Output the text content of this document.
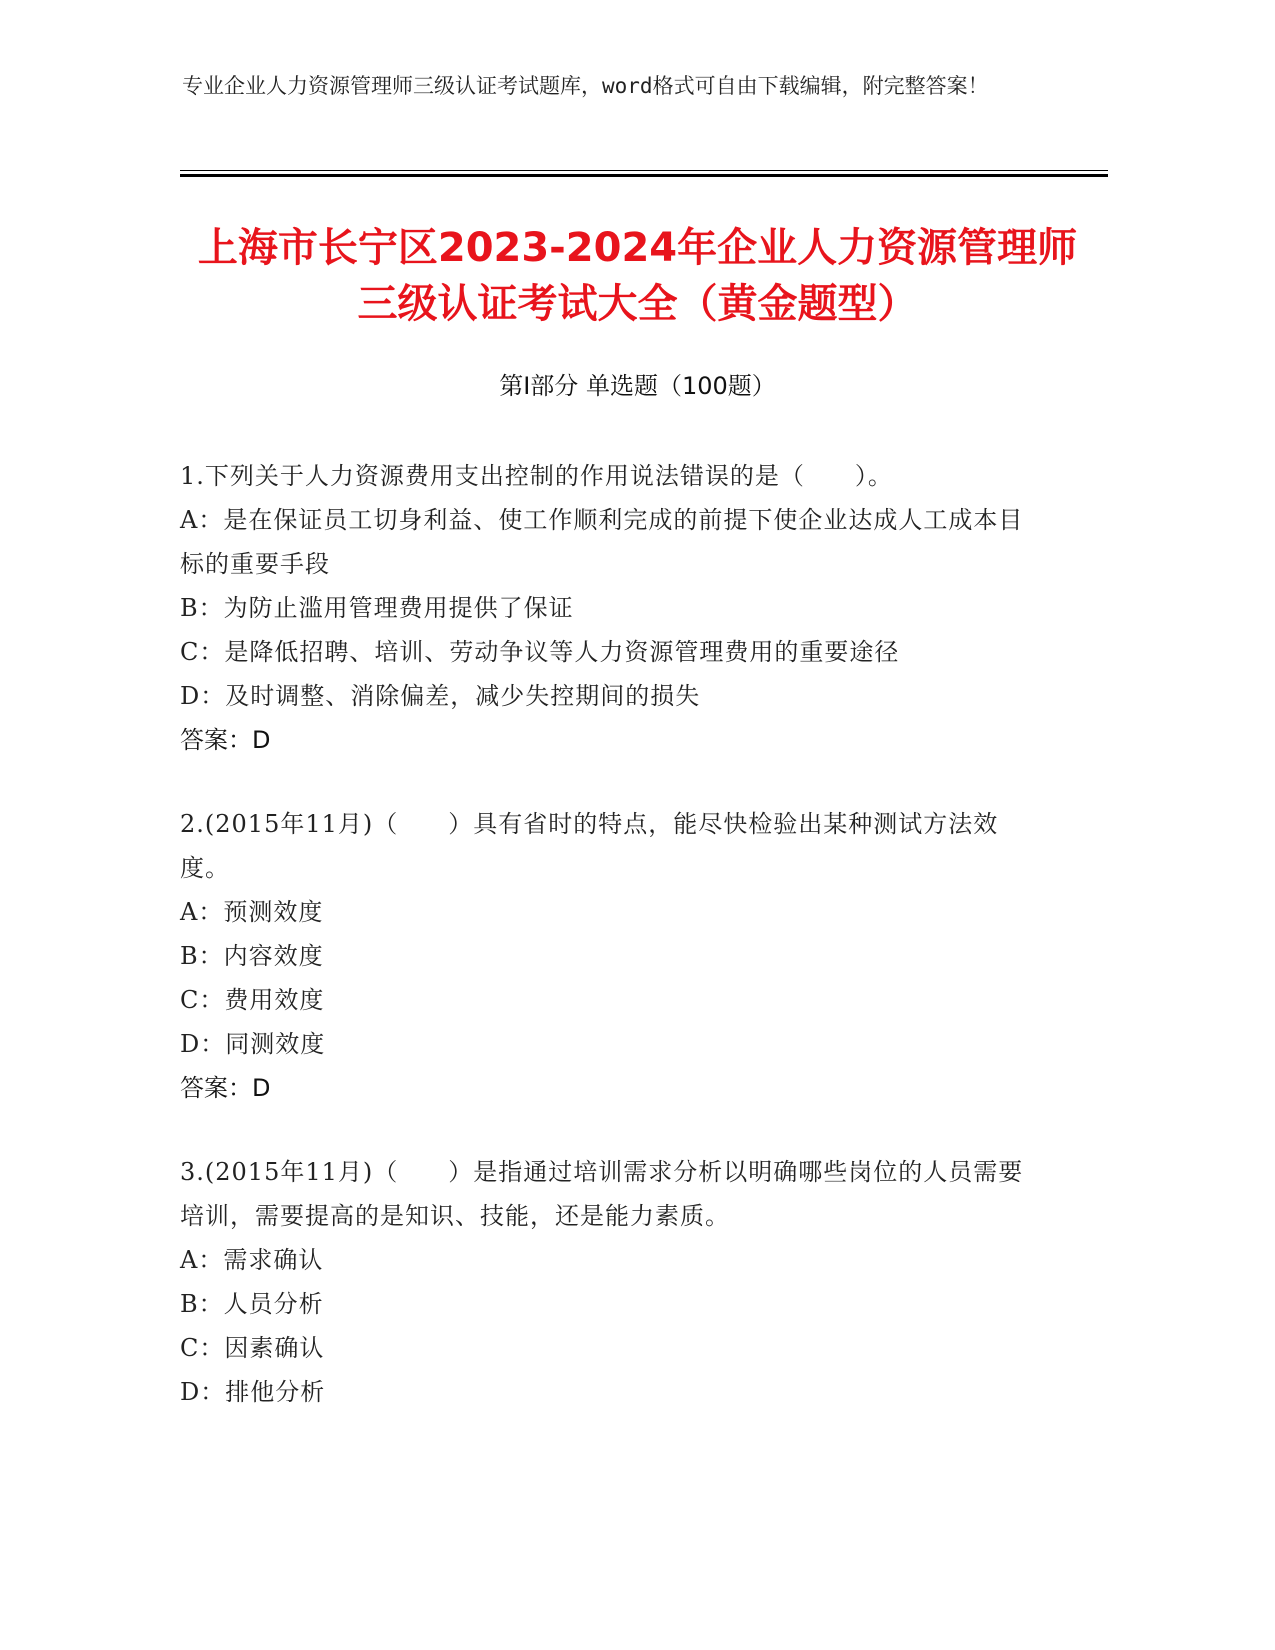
专业企业人力资源管理师三级认证考试题库，word格式可自由下载编辑，附完整答案！
上海市长宁区2023-2024年企业人力资源管理师三级认证考试大全（黄金题型）
第I部分 单选题（100题）
1.下列关于人力资源费用支出控制的作用说法错误的是（　　）。
A：是在保证员工切身利益、使工作顺利完成的前提下使企业达成人工成本目标的重要手段
B：为防止滥用管理费用提供了保证
C：是降低招聘、培训、劳动争议等人力资源管理费用的重要途径
D：及时调整、消除偏差，减少失控期间的损失
答案：D
2.(2015年11月)（　　）具有省时的特点，能尽快检验出某种测试方法效度。
A：预测效度
B：内容效度
C：费用效度
D：同测效度
答案：D
3.(2015年11月)（　　）是指通过培训需求分析以明确哪些岗位的人员需要培训，需要提高的是知识、技能，还是能力素质。
A：需求确认
B：人员分析
C：因素确认
D：排他分析
